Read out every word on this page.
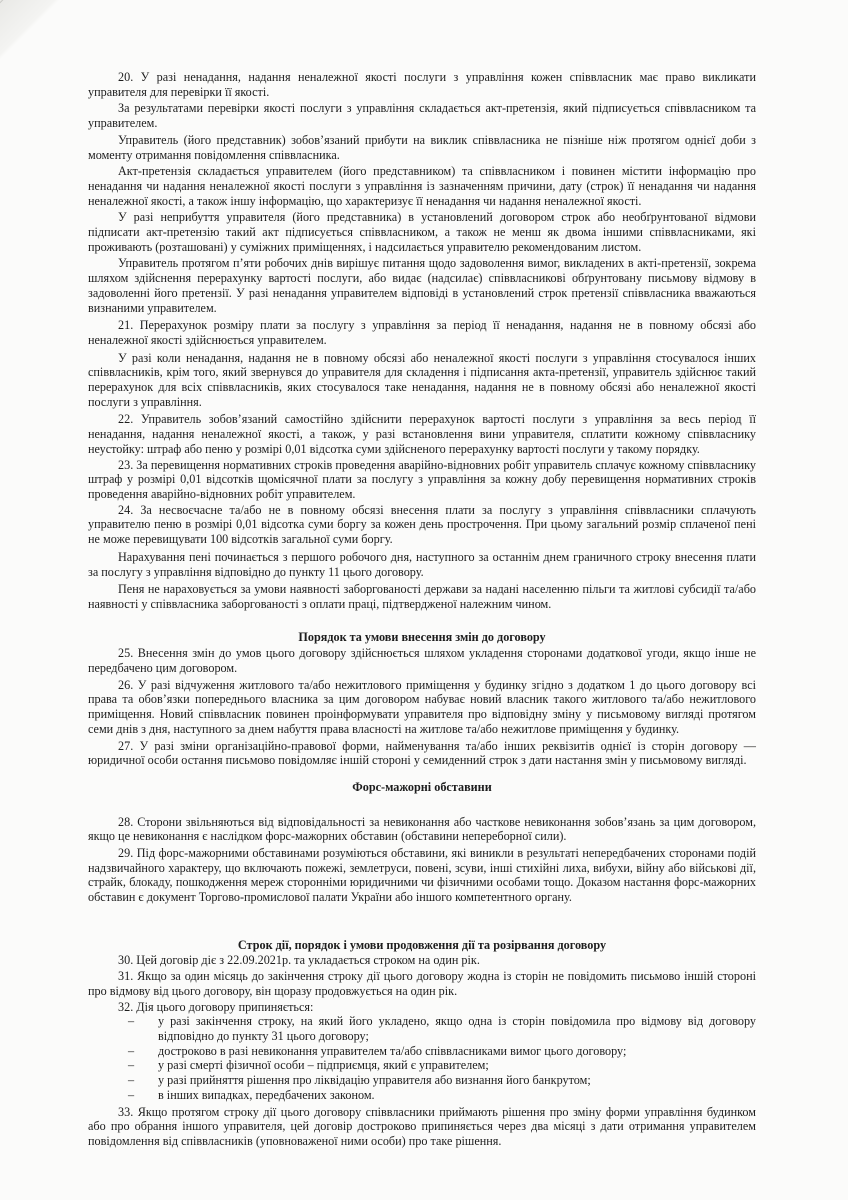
20. У разі ненадання, надання неналежної якості послуги з управління кожен співвласник має право викликати управителя для перевірки її якості.

За результатами перевірки якості послуги з управління складається акт-претензія, який підписується співвласником та управителем.

Управитель (його представник) зобов’язаний прибути на виклик співвласника не пізніше ніж протягом однієї доби з моменту отримання повідомлення співвласника.

Акт-претензія складається управителем (його представником) та співвласником і повинен містити інформацію про ненадання чи надання неналежної якості послуги з управління із зазначенням причини, дату (строк) її ненадання чи надання неналежної якості, а також іншу інформацію, що характеризує її ненадання чи надання неналежної якості.

У разі неприбуття управителя (його представника) в установлений договором строк або необґрунтованої відмови підписати акт-претензію такий акт підписується співвласником, а також не менш як двома іншими співвласниками, які проживають (розташовані) у суміжних приміщеннях, і надсилається управителю рекомендованим листом.

Управитель протягом п’яти робочих днів вирішує питання щодо задоволення вимог, викладених в акті-претензії, зокрема шляхом здійснення перерахунку вартості послуги, або видає (надсилає) співвласникові обґрунтовану письмову відмову в задоволенні його претензії. У разі ненадання управителем відповіді в установлений строк претензії співвласника вважаються визнаними управителем.

21. Перерахунок розміру плати за послугу з управління за період її ненадання, надання не в повному обсязі або неналежної якості здійснюється управителем.

У разі коли ненадання, надання не в повному обсязі або неналежної якості послуги з управління стосувалося інших співвласників, крім того, який звернувся до управителя для складення і підписання акта-претензії, управитель здійснює такий перерахунок для всіх співвласників, яких стосувалося таке ненадання, надання не в повному обсязі або неналежної якості послуги з управління.

22. Управитель зобов’язаний самостійно здійснити перерахунок вартості послуги з управління за весь період її ненадання, надання неналежної якості, а також, у разі встановлення вини управителя, сплатити кожному співвласнику неустойку: штраф або пеню у розмірі 0,01 відсотка суми здійсненого перерахунку вартості послуги у такому порядку.

23. За перевищення нормативних строків проведення аварійно-відновних робіт управитель сплачує кожному співвласнику штраф у розмірі 0,01 відсотків щомісячної плати за послугу з управління за кожну добу перевищення нормативних строків проведення аварійно-відновних робіт управителем.

24. За несвоєчасне та/або не в повному обсязі внесення плати за послугу з управління співвласники сплачують управителю пеню в розмірі 0,01 відсотка суми боргу за кожен день прострочення. При цьому загальний розмір сплаченої пені не може перевищувати 100 відсотків загальної суми боргу.

Нарахування пені починається з першого робочого дня, наступного за останнім днем граничного строку внесення плати за послугу з управління відповідно до пункту 11 цього договору.

Пеня не нараховується за умови наявності заборгованості держави за надані населенню пільги та житлові субсидії та/або наявності у співвласника заборгованості з оплати праці, підтвердженої належним чином.

Порядок та умови внесення змін до договору

25. Внесення змін до умов цього договору здійснюється шляхом укладення сторонами додаткової угоди, якщо інше не передбачено цим договором.

26. У разі відчуження житлового та/або нежитлового приміщення у будинку згідно з додатком 1 до цього договору всі права та обов’язки попереднього власника за цим договором набуває новий власник такого житлового та/або нежитлового приміщення. Новий співвласник повинен проінформувати управителя про відповідну зміну у письмовому вигляді протягом семи днів з дня, наступного за днем набуття права власності на житлове та/або нежитлове приміщення у будинку.

27. У разі зміни організаційно-правової форми, найменування та/або інших реквізитів однієї із сторін договору — юридичної особи остання письмово повідомляє іншій стороні у семиденний строк з дати настання змін у письмовому вигляді.

Форс-мажорні обставини

28. Сторони звільняються від відповідальності за невиконання або часткове невиконання зобов’язань за цим договором, якщо це невиконання є наслідком форс-мажорних обставин (обставини непереборної сили).

29. Під форс-мажорними обставинами розуміються обставини, які виникли в результаті непередбачених сторонами подій надзвичайного характеру, що включають пожежі, землетруси, повені, зсуви, інші стихійні лиха, вибухи, війну або військові дії, страйк, блокаду, пошкодження мереж сторонніми юридичними чи фізичними особами тощо. Доказом настання форс-мажорних обставин є документ Торгово-промислової палати України або іншого компетентного органу.

Строк дії, порядок і умови продовження дії та розірвання договору

30. Цей договір діє з 22.09.2021р. та укладається строком на один рік.

31. Якщо за один місяць до закінчення строку дії цього договору жодна із сторін не повідомить письмово іншій стороні про відмову від цього договору, він щоразу продовжується на один рік.

32. Дія цього договору припиняється:

– у разі закінчення строку, на який його укладено, якщо одна із сторін повідомила про відмову від договору відповідно до пункту 31 цього договору;
– достроково в разі невиконання управителем та/або співвласниками вимог цього договору;
– у разі смерті фізичної особи – підприємця, який є управителем;
– у разі прийняття рішення про ліквідацію управителя або визнання його банкрутом;
– в інших випадках, передбачених законом.

33. Якщо протягом строку дії цього договору співвласники приймають рішення про зміну форми управління будинком або про обрання іншого управителя, цей договір достроково припиняється через два місяці з дати отримання управителем повідомлення від співвласників (уповноваженої ними особи) про таке рішення.
